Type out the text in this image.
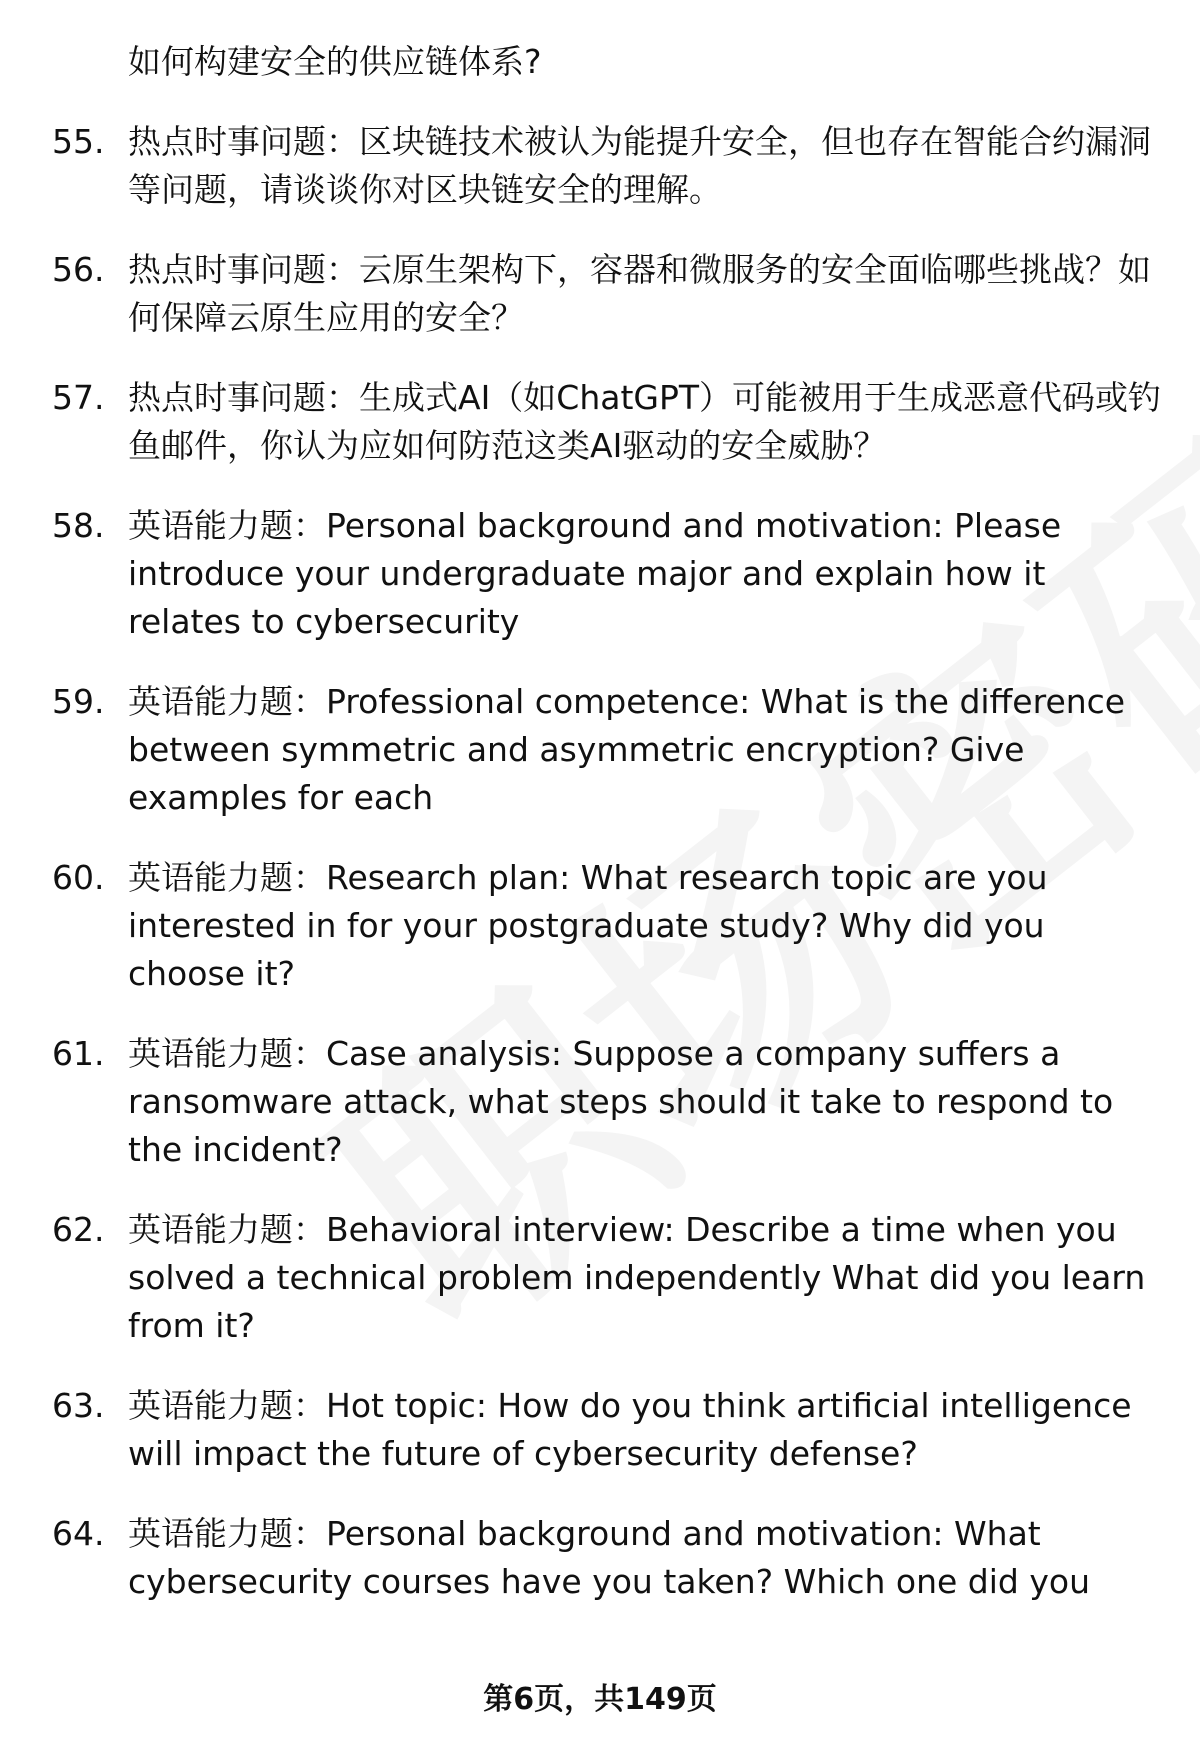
如何构建安全的供应链体系?
55. 热点时事问题：区块链技术被认为能提升安全，但也存在智能合约漏洞等问题，请谈谈你对区块链安全的理解。
56. 热点时事问题：云原生架构下，容器和微服务的安全面临哪些挑战？如何保障云原生应用的安全？
57. 热点时事问题：生成式AI（如ChatGPT）可能被用于生成恶意代码或钓鱼邮件，你认为应如何防范这类AI驱动的安全威胁？
58. 英语能力题：Personal background and motivation: Please introduce your undergraduate major and explain how it relates to cybersecurity
59. 英语能力题：Professional competence: What is the difference between symmetric and asymmetric encryption? Give examples for each
60. 英语能力题：Research plan: What research topic are you interested in for your postgraduate study? Why did you choose it?
61. 英语能力题：Case analysis: Suppose a company suffers a ransomware attack, what steps should it take to respond to the incident?
62. 英语能力题：Behavioral interview: Describe a time when you solved a technical problem independently What did you learn from it?
63. 英语能力题：Hot topic: How do you think artificial intelligence will impact the future of cybersecurity defense?
64. 英语能力题：Personal background and motivation: What cybersecurity courses have you taken? Which one did you
第6页，共149页
